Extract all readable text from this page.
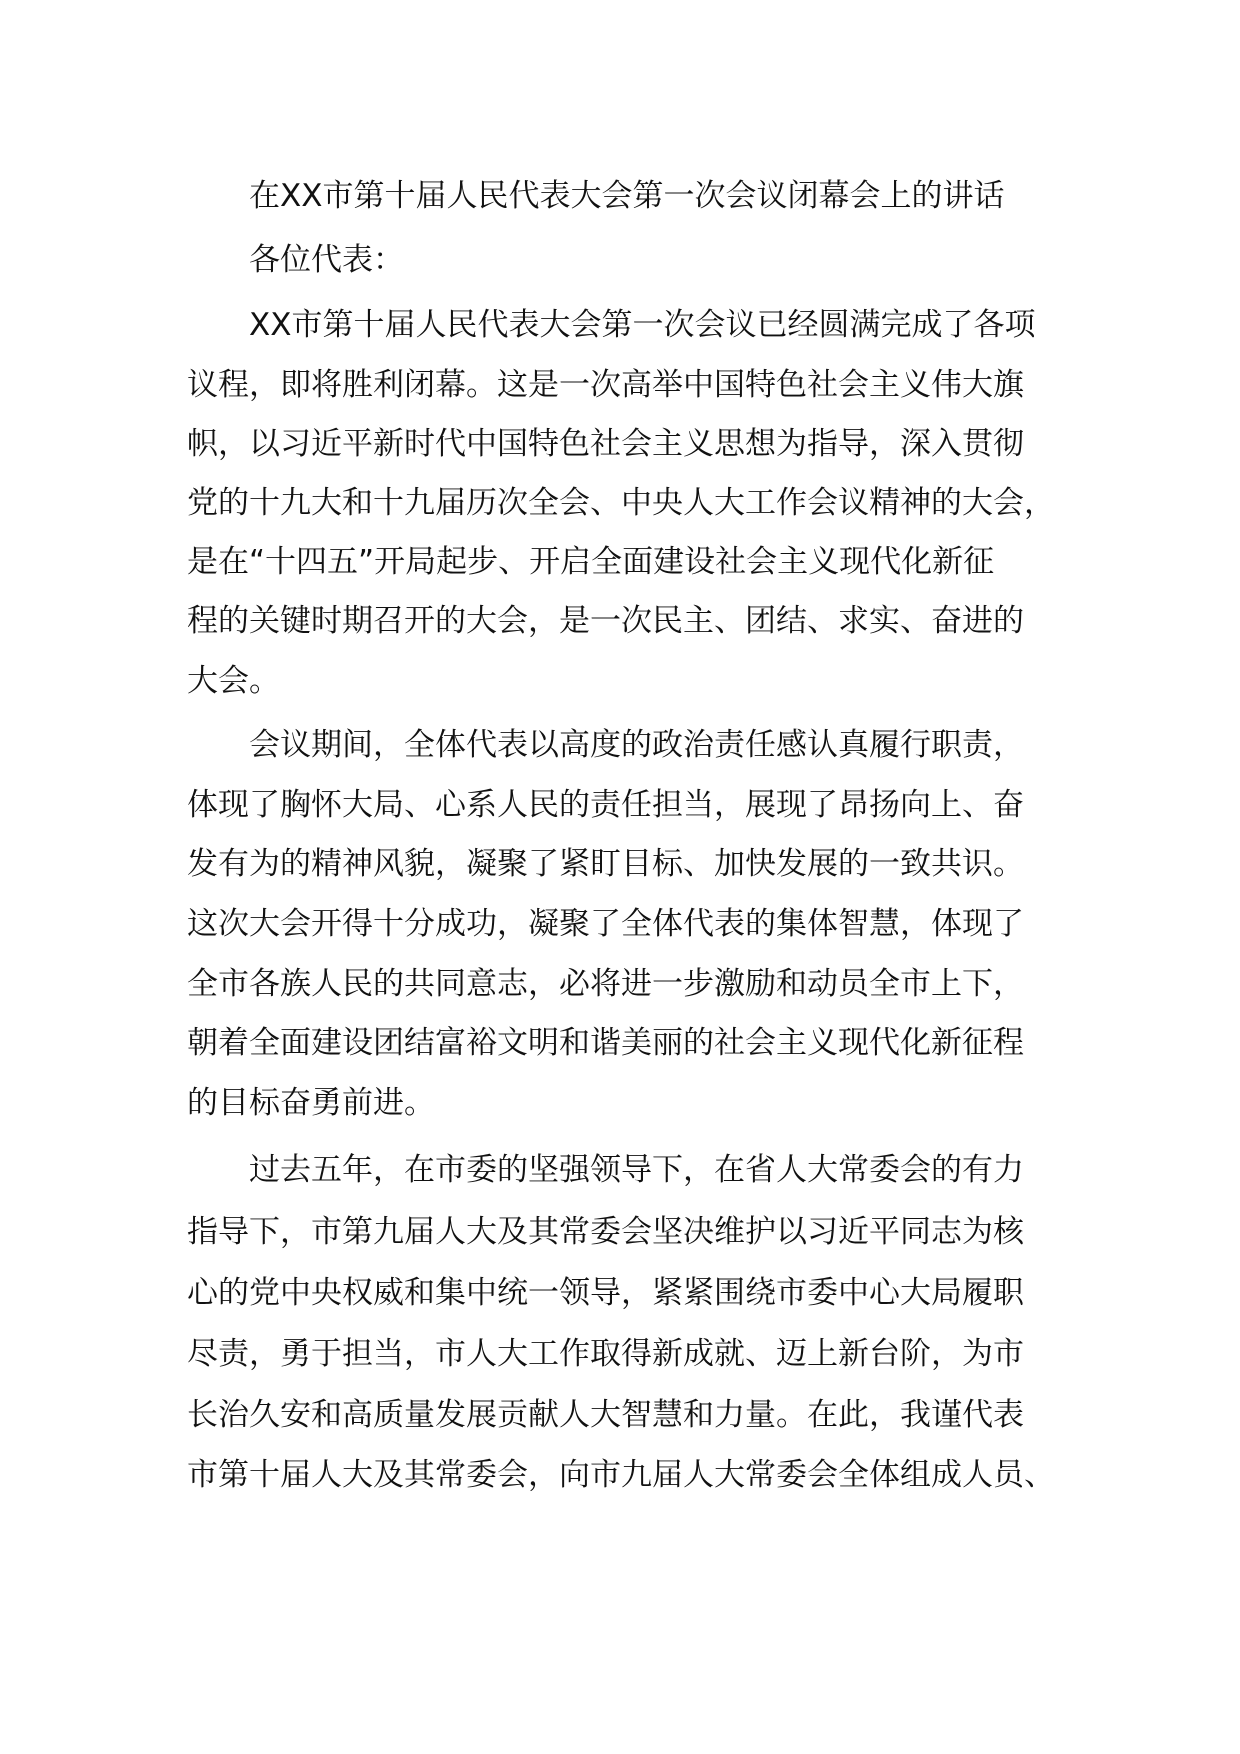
在XX市第十届人民代表大会第一次会议闭幕会上的讲话
各位代表：
XX市第十届人民代表大会第一次会议已经圆满完成了各项
议程，即将胜利闭幕。这是一次高举中国特色社会主义伟大旗
帜，以习近平新时代中国特色社会主义思想为指导，深入贯彻
党的十九大和十九届历次全会、中央人大工作会议精神的大会，
是在“十四五”开局起步、开启全面建设社会主义现代化新征
程的关键时期召开的大会，是一次民主、团结、求实、奋进的
大会。
会议期间，全体代表以高度的政治责任感认真履行职责，
体现了胸怀大局、心系人民的责任担当，展现了昂扬向上、奋
发有为的精神风貌，凝聚了紧盯目标、加快发展的一致共识。
这次大会开得十分成功，凝聚了全体代表的集体智慧，体现了
全市各族人民的共同意志，必将进一步激励和动员全市上下，
朝着全面建设团结富裕文明和谐美丽的社会主义现代化新征程
的目标奋勇前进。
过去五年，在市委的坚强领导下，在省人大常委会的有力
指导下，市第九届人大及其常委会坚决维护以习近平同志为核
心的党中央权威和集中统一领导，紧紧围绕市委中心大局履职
尽责，勇于担当，市人大工作取得新成就、迈上新台阶，为市
长治久安和高质量发展贡献人大智慧和力量。在此，我谨代表
市第十届人大及其常委会，向市九届人大常委会全体组成人员、
